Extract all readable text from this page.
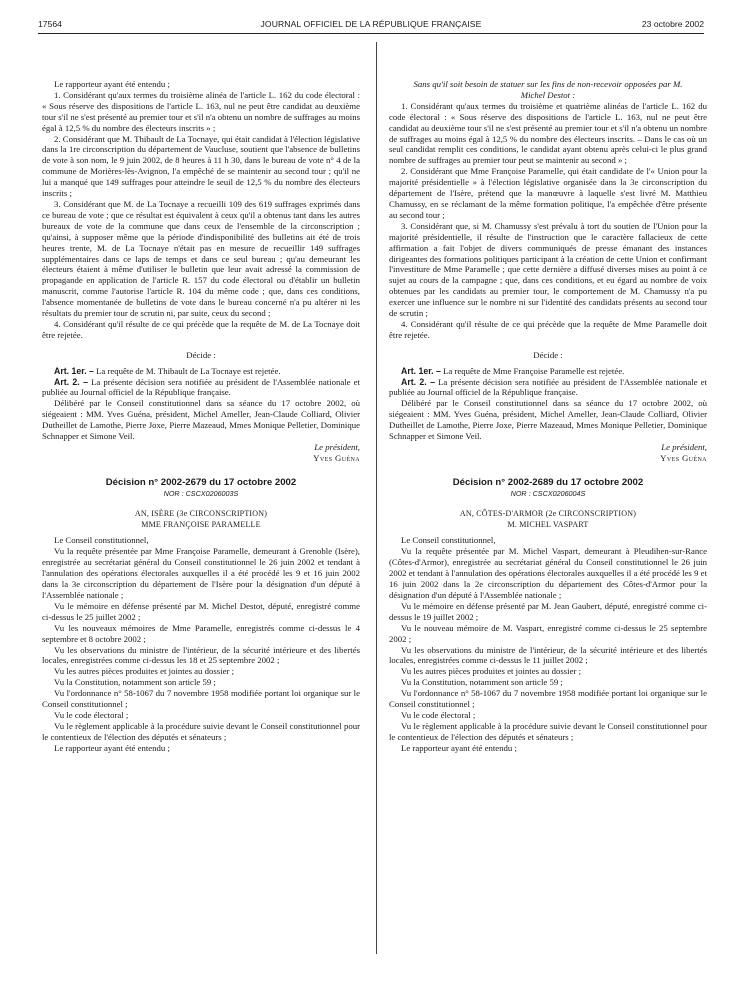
17564	JOURNAL OFFICIEL DE LA RÉPUBLIQUE FRANÇAISE	23 octobre 2002

Le rapporteur ayant été entendu ;

1. Considérant qu'aux termes du troisième alinéa de l'article L. 162 du code électoral : « Sous réserve des dispositions de l'article L. 163, nul ne peut être candidat au deuxième tour s'il ne s'est présenté au premier tour et s'il n'a obtenu un nombre de suffrages au moins égal à 12,5 % du nombre des électeurs inscrits » ;

2. Considérant que M. Thibault de La Tocnaye, qui était candidat à l'élection législative dans la 1re circonscription du département de Vaucluse, soutient que l'absence de bulletins de vote à son nom, le 9 juin 2002, de 8 heures à 11 h 30, dans le bureau de vote n° 4 de la commune de Morières-lès-Avignon, l'a empêché de se maintenir au second tour ; qu'il ne lui a manqué que 149 suffrages pour atteindre le seuil de 12,5 % du nombre des électeurs inscrits ;

3. Considérant que M. de La Tocnaye a recueilli 109 des 619 suffrages exprimés dans ce bureau de vote ; que ce résultat est équivalent à ceux qu'il a obtenus tant dans les autres bureaux de vote de la commune que dans ceux de l'ensemble de la circonscription ; qu'ainsi, à supposer même que la période d'indisponibilité des bulletins ait été de trois heures trente, M. de La Tocnaye n'était pas en mesure de recueillir 149 suffrages supplémentaires dans ce laps de temps et dans ce seul bureau ; qu'au demeurant les électeurs étaient à même d'utiliser le bulletin que leur avait adressé la commission de propagande en application de l'article R. 157 du code électoral ou d'établir un bulletin manuscrit, comme l'autorise l'article R. 104 du même code ; que, dans ces conditions, l'absence momentanée de bulletins de vote dans le bureau concerné n'a pu altérer ni les résultats du premier tour de scrutin ni, par suite, ceux du second ;

4. Considérant qu'il résulte de ce qui précède que la requête de M. de La Tocnaye doit être rejetée.

Décide :

Art. 1er. – La requête de M. Thibault de La Tocnaye est rejetée.

Art. 2. – La présente décision sera notifiée au président de l'Assemblée nationale et publiée au Journal officiel de la République française.

Délibéré par le Conseil constitutionnel dans sa séance du 17 octobre 2002, où siégeaient : MM. Yves Guéna, président, Michel Ameller, Jean-Claude Colliard, Olivier Dutheillet de Lamothe, Pierre Joxe, Pierre Mazeaud, Mmes Monique Pelletier, Dominique Schnapper et Simone Veil.

Le président,

Yves Guéna

Décision n° 2002-2679 du 17 octobre 2002

NOR : CSCX0206003S

AN, ISÈRE (3e CIRCONSCRIPTION)

MME FRANÇOISE PARAMELLE

Le Conseil constitutionnel,

Vu la requête présentée par Mme Françoise Paramelle, demeurant à Grenoble (Isère), enregistrée au secrétariat général du Conseil constitutionnel le 26 juin 2002 et tendant à l'annulation des opérations électorales auxquelles il a été procédé les 9 et 16 juin 2002 dans la 3e circonscription du département de l'Isère pour la désignation d'un député à l'Assemblée nationale ;

Vu le mémoire en défense présenté par M. Michel Destot, député, enregistré comme ci-dessus le 25 juillet 2002 ;

Vu les nouveaux mémoires de Mme Paramelle, enregistrés comme ci-dessus le 4 septembre et 8 octobre 2002 ;

Vu les observations du ministre de l'intérieur, de la sécurité intérieure et des libertés locales, enregistrées comme ci-dessus les 18 et 25 septembre 2002 ;

Vu les autres pièces produites et jointes au dossier ;

Vu la Constitution, notamment son article 59 ;

Vu l'ordonnance n° 58-1067 du 7 novembre 1958 modifiée portant loi organique sur le Conseil constitutionnel ;

Vu le code électoral ;

Vu le règlement applicable à la procédure suivie devant le Conseil constitutionnel pour le contentieux de l'élection des députés et sénateurs ;

Le rapporteur ayant été entendu ;

Sans qu'il soit besoin de statuer sur les fins de non-recevoir opposées par M. Michel Destot :

1. Considérant qu'aux termes du troisième et quatrième alinéas de l'article L. 162 du code électoral : « Sous réserve des dispositions de l'article L. 163, nul ne peut être candidat au deuxième tour s'il ne s'est présenté au premier tour et s'il n'a obtenu un nombre de suffrages au moins égal à 12,5 % du nombre des électeurs inscrits. – Dans le cas où un seul candidat remplit ces conditions, le candidat ayant obtenu après celui-ci le plus grand nombre de suffrages au premier tour peut se maintenir au second » ;

2. Considérant que Mme Françoise Paramelle, qui était candidate de l'« Union pour la majorité présidentielle » à l'élection législative organisée dans la 3e circonscription du département de l'Isère, prétend que la manœuvre à laquelle s'est livré M. Matthieu Chamussy, en se réclamant de la même formation politique, l'a empêchée d'être présente au second tour ;

3. Considérant que, si M. Chamussy s'est prévalu à tort du soutien de l'Union pour la majorité présidentielle, il résulte de l'instruction que le caractère fallacieux de cette affirmation a fait l'objet de divers communiqués de presse émanant des instances dirigeantes des formations politiques participant à la création de cette Union et confirmant l'investiture de Mme Paramelle ; que cette dernière a diffusé diverses mises au point à ce sujet au cours de la campagne ; que, dans ces conditions, et eu égard au nombre de voix obtenues par les candidats au premier tour, le comportement de M. Chamussy n'a pu exercer une influence sur le nombre ni sur l'identité des candidats présents au second tour de scrutin ;

4. Considérant qu'il résulte de ce qui précède que la requête de Mme Paramelle doit être rejetée.

Décide :

Art. 1er. – La requête de Mme Françoise Paramelle est rejetée.

Art. 2. – La présente décision sera notifiée au président de l'Assemblée nationale et publiée au Journal officiel de la République française.

Délibéré par le Conseil constitutionnel dans sa séance du 17 octobre 2002, où siégeaient : MM. Yves Guéna, président, Michel Ameller, Jean-Claude Colliard, Olivier Dutheillet de Lamothe, Pierre Joxe, Pierre Mazeaud, Mmes Monique Pelletier, Dominique Schnapper et Simone Veil.

Le président,

Yves Guéna

Décision n° 2002-2689 du 17 octobre 2002

NOR : CSCX0206004S

AN, CÔTES-D'ARMOR (2e CIRCONSCRIPTION)

M. MICHEL VASPART

Le Conseil constitutionnel,

Vu la requête présentée par M. Michel Vaspart, demeurant à Pleudihen-sur-Rance (Côtes-d'Armor), enregistrée au secrétariat général du Conseil constitutionnel le 26 juin 2002 et tendant à l'annulation des opérations électorales auxquelles il a été procédé les 9 et 16 juin 2002 dans la 2e circonscription du département des Côtes-d'Armor pour la désignation d'un député à l'Assemblée nationale ;

Vu le mémoire en défense présenté par M. Jean Gaubert, député, enregistré comme ci-dessus le 19 juillet 2002 ;

Vu le nouveau mémoire de M. Vaspart, enregistré comme ci-dessus le 25 septembre 2002 ;

Vu les observations du ministre de l'intérieur, de la sécurité intérieure et des libertés locales, enregistrées comme ci-dessus le 11 juillet 2002 ;

Vu les autres pièces produites et jointes au dossier ;

Vu la Constitution, notamment son article 59 ;

Vu l'ordonnance n° 58-1067 du 7 novembre 1958 modifiée portant loi organique sur le Conseil constitutionnel ;

Vu le code électoral ;

Vu le règlement applicable à la procédure suivie devant le Conseil constitutionnel pour le contentieux de l'élection des députés et sénateurs ;

Le rapporteur ayant été entendu ;
